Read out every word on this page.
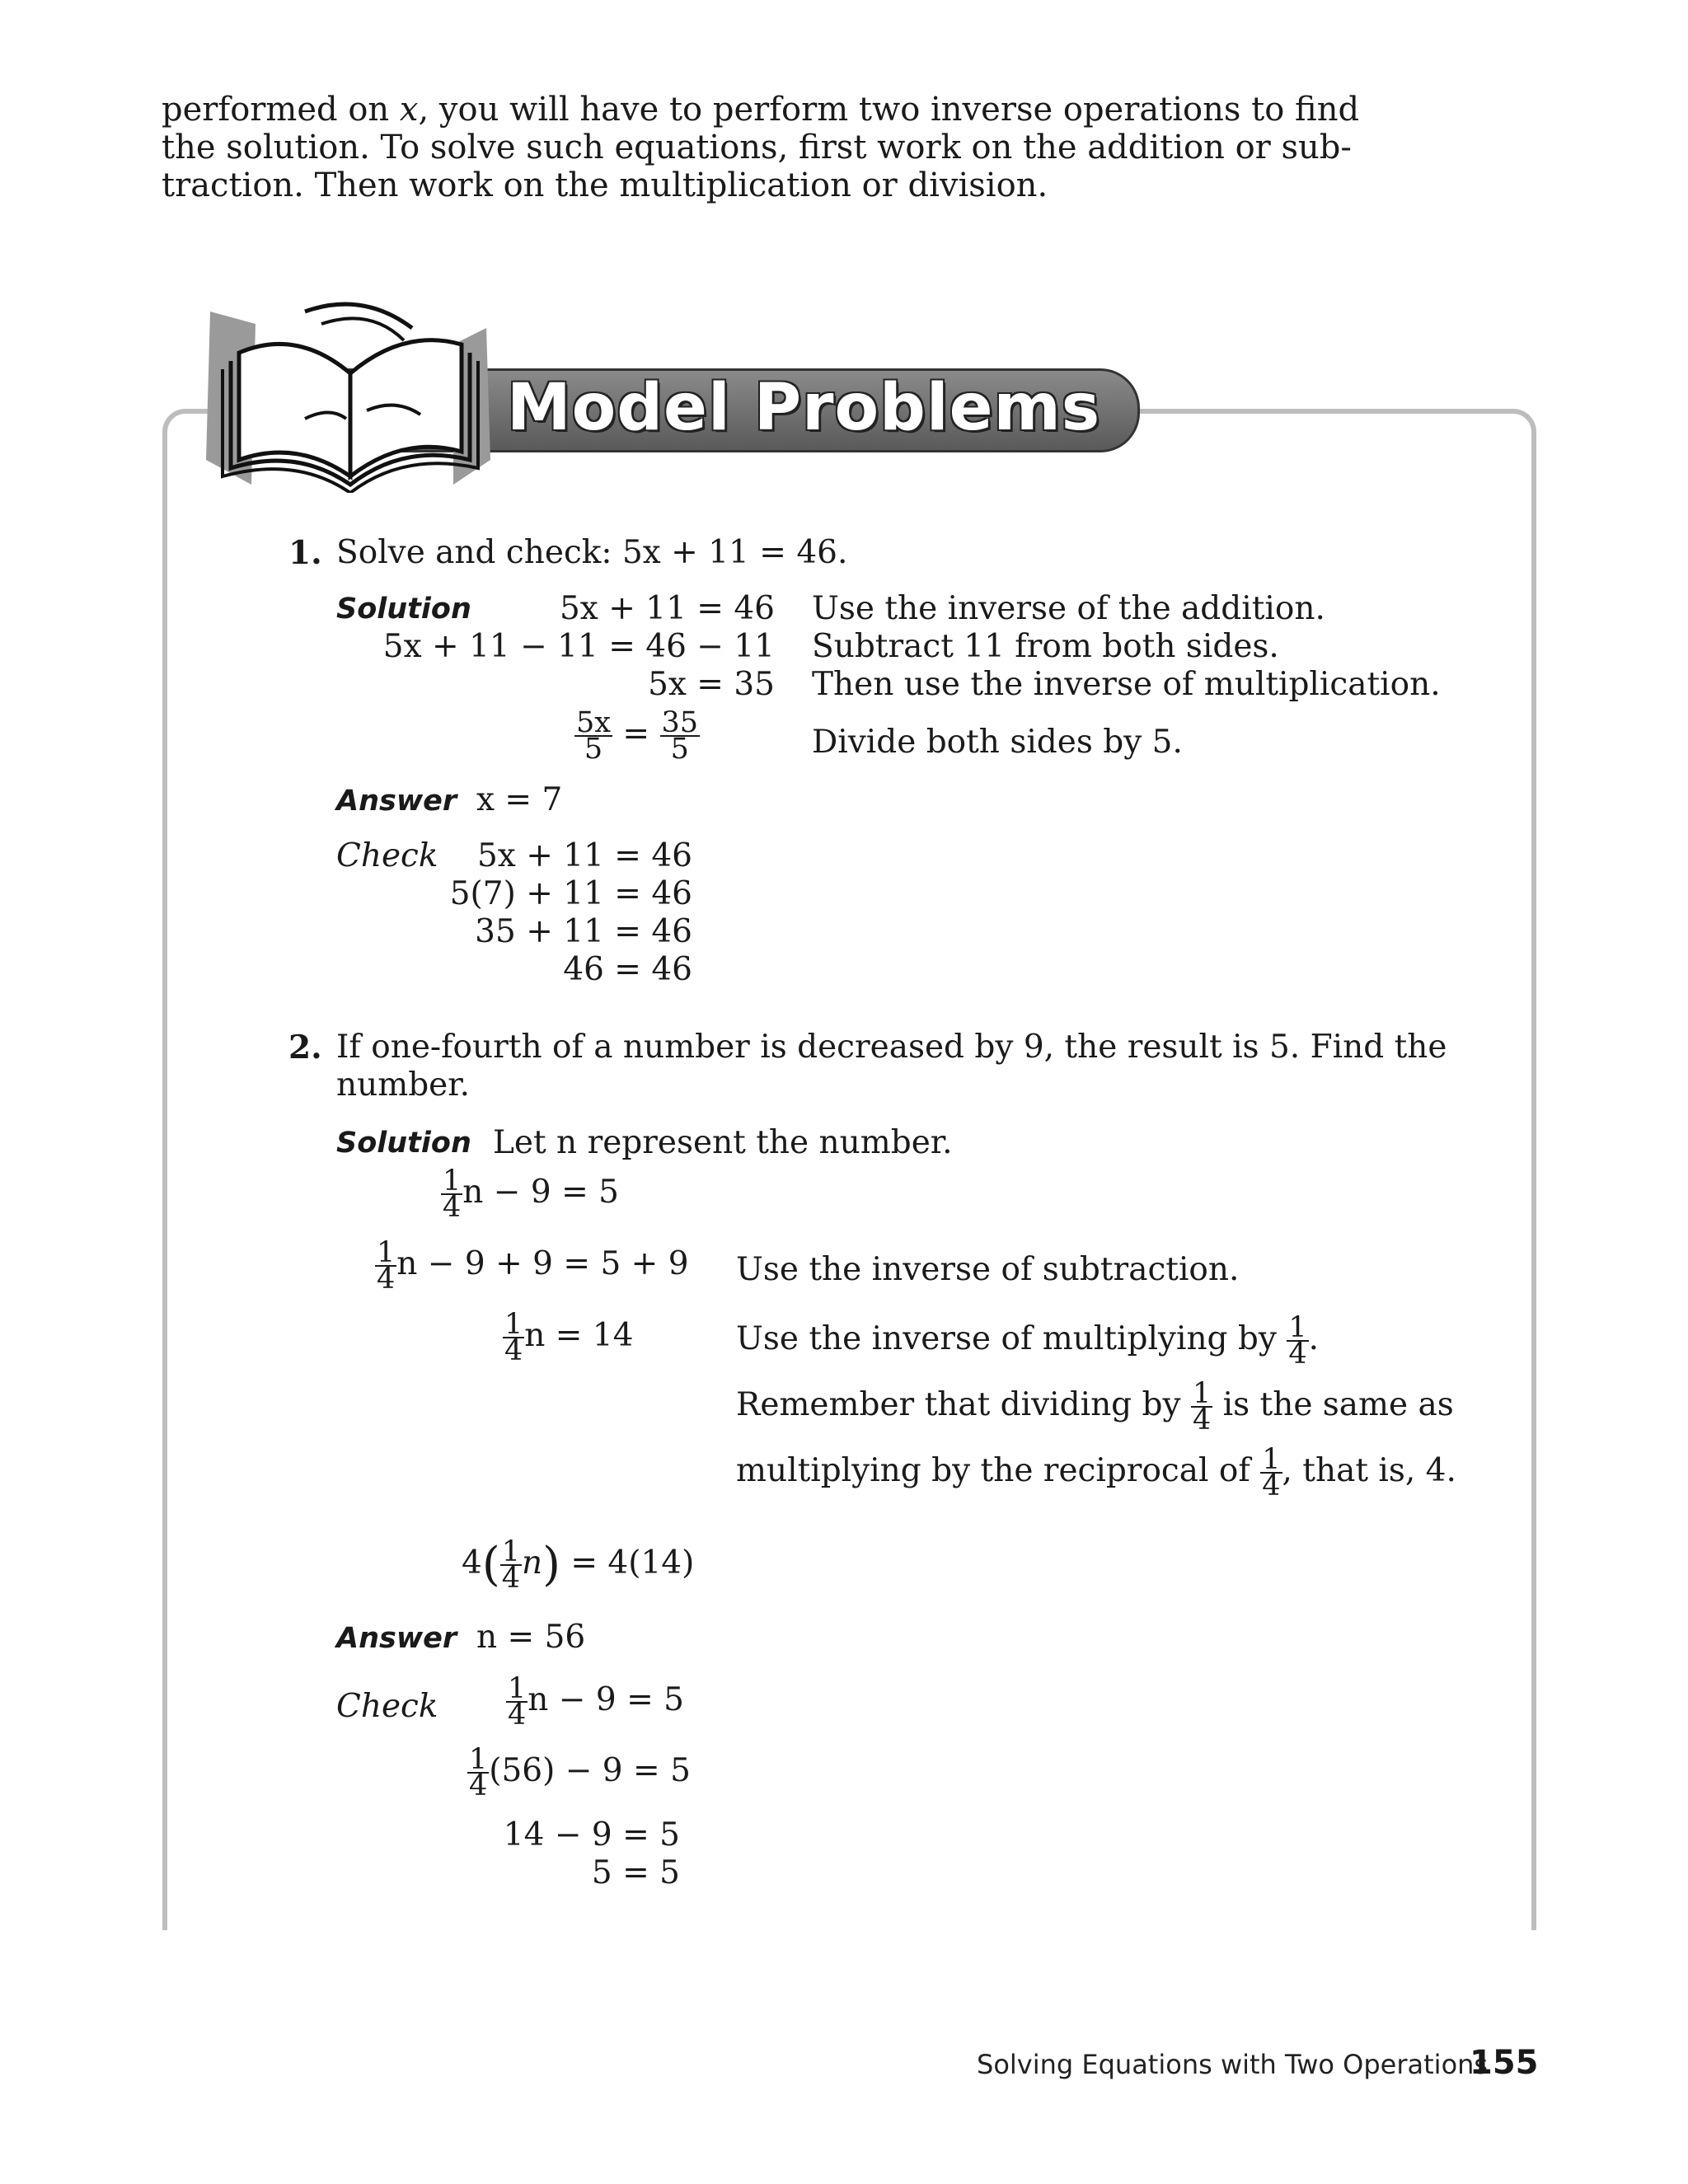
performed on x, you will have to perform two inverse operations to find
the solution. To solve such equations, first work on the addition or sub-
traction. Then work on the multiplication or division.
Model Problems
1. Solve and check: 5x + 11 = 46.
Solution	5x + 11 = 46
5x + 11 − 11 = 46 − 11
5x = 35
$\frac{5x}{5} = \frac{35}{5}$
Use the inverse of the addition.
Subtract 11 from both sides.
Then use the inverse of multiplication.
Divide both sides by 5.
Answer x = 7
Check	5x + 11 = 46
5(7) + 11 = 46
35 + 11 = 46
46 = 46
2. If one-fourth of a number is decreased by 9, the result is 5. Find the
number.
Solution Let n represent the number.
$\frac{1}{4}$ n − 9 = 5
$\frac{1}{4}$ n − 9 + 9 = 5 + 9
$\frac{1}{4}$ n = 14
Use the inverse of subtraction.
Use the inverse of multiplying by $\frac{1}{4}$ .
Remember that dividing by $\frac{1}{4}$ is the same as
multiplying by the reciprocal of $\frac{1}{4}$ , that is, 4.
$4( \frac{1}{4} n) = 4(14)$
Answer n = 56
Check $\frac{1}{4}$ n − 9 = 5
$\frac{1}{4} (56) - 9 = 5$
14 − 9 = 5
5 = 5
Solving Equations with Two Operations
155
